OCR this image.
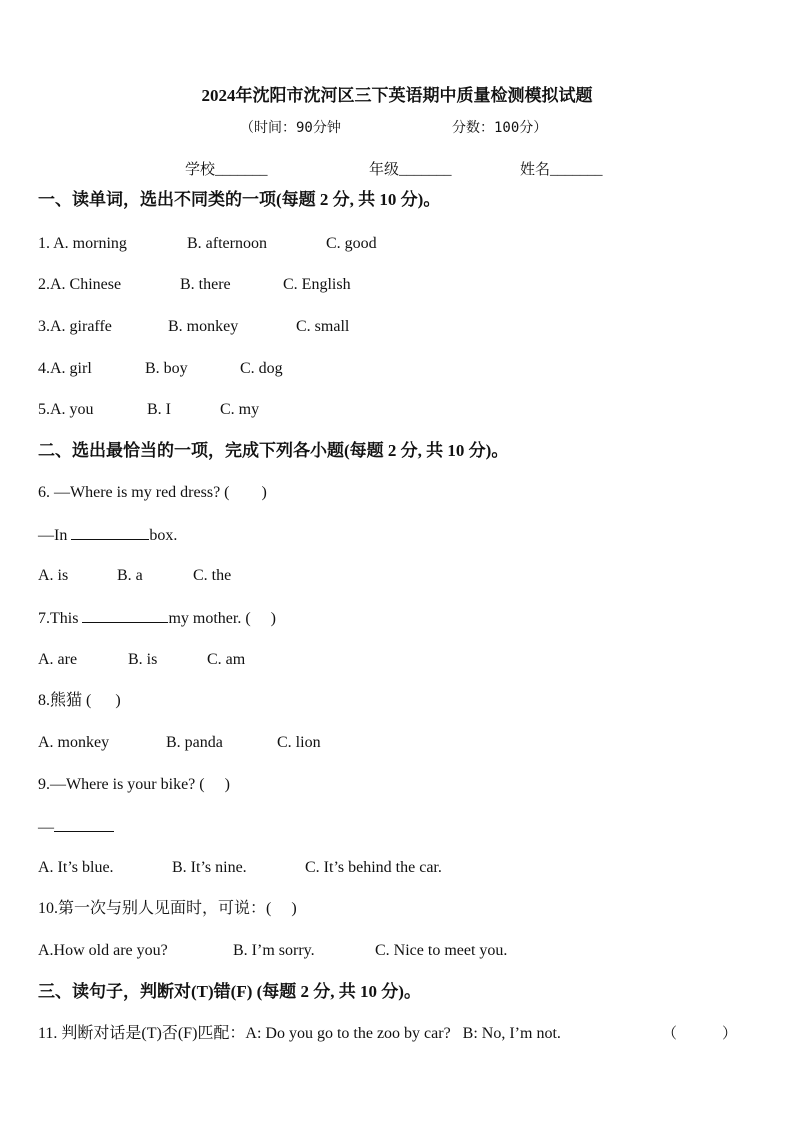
2024年沈阳市沈河区三下英语期中质量检测模拟试题
（时间：90分钟	分数：100分）
学校_______	年级_______	姓名_______
一、读单词，选出不同类的一项(每题 2 分, 共 10 分)。
1. A. morning	B. afternoon	C. good
2.A. Chinese	B. there	C. English
3.A. giraffe	B. monkey	C. small
4.A. girl	B. boy	C. dog
5.A. you	B. I	C. my
二、选出最恰当的一项，完成下列各小题(每题 2 分, 共 10 分)。
6. —Where is my red dress? (        )
—In	box.
A. is	B. a	C. the
7.This	my mother. (     )
A. are	B. is	C. am
8.熊猫 (      )
A. monkey	B. panda	C. lion
9.—Where is your bike? (     )
—
A. It’s blue.	B. It’s nine.	C. It’s behind the car.
10.第一次与别人见面时，可说：(     )
A.How old are you?	B. I’m sorry.	C. Nice to meet you.
三、读句子，判断对(T)错(F) (每题 2 分, 共 10 分)。
11. 判断对话是(T)否(F)匹配：A: Do you go to the zoo by car?   B: No, I’m not.	（            ）
